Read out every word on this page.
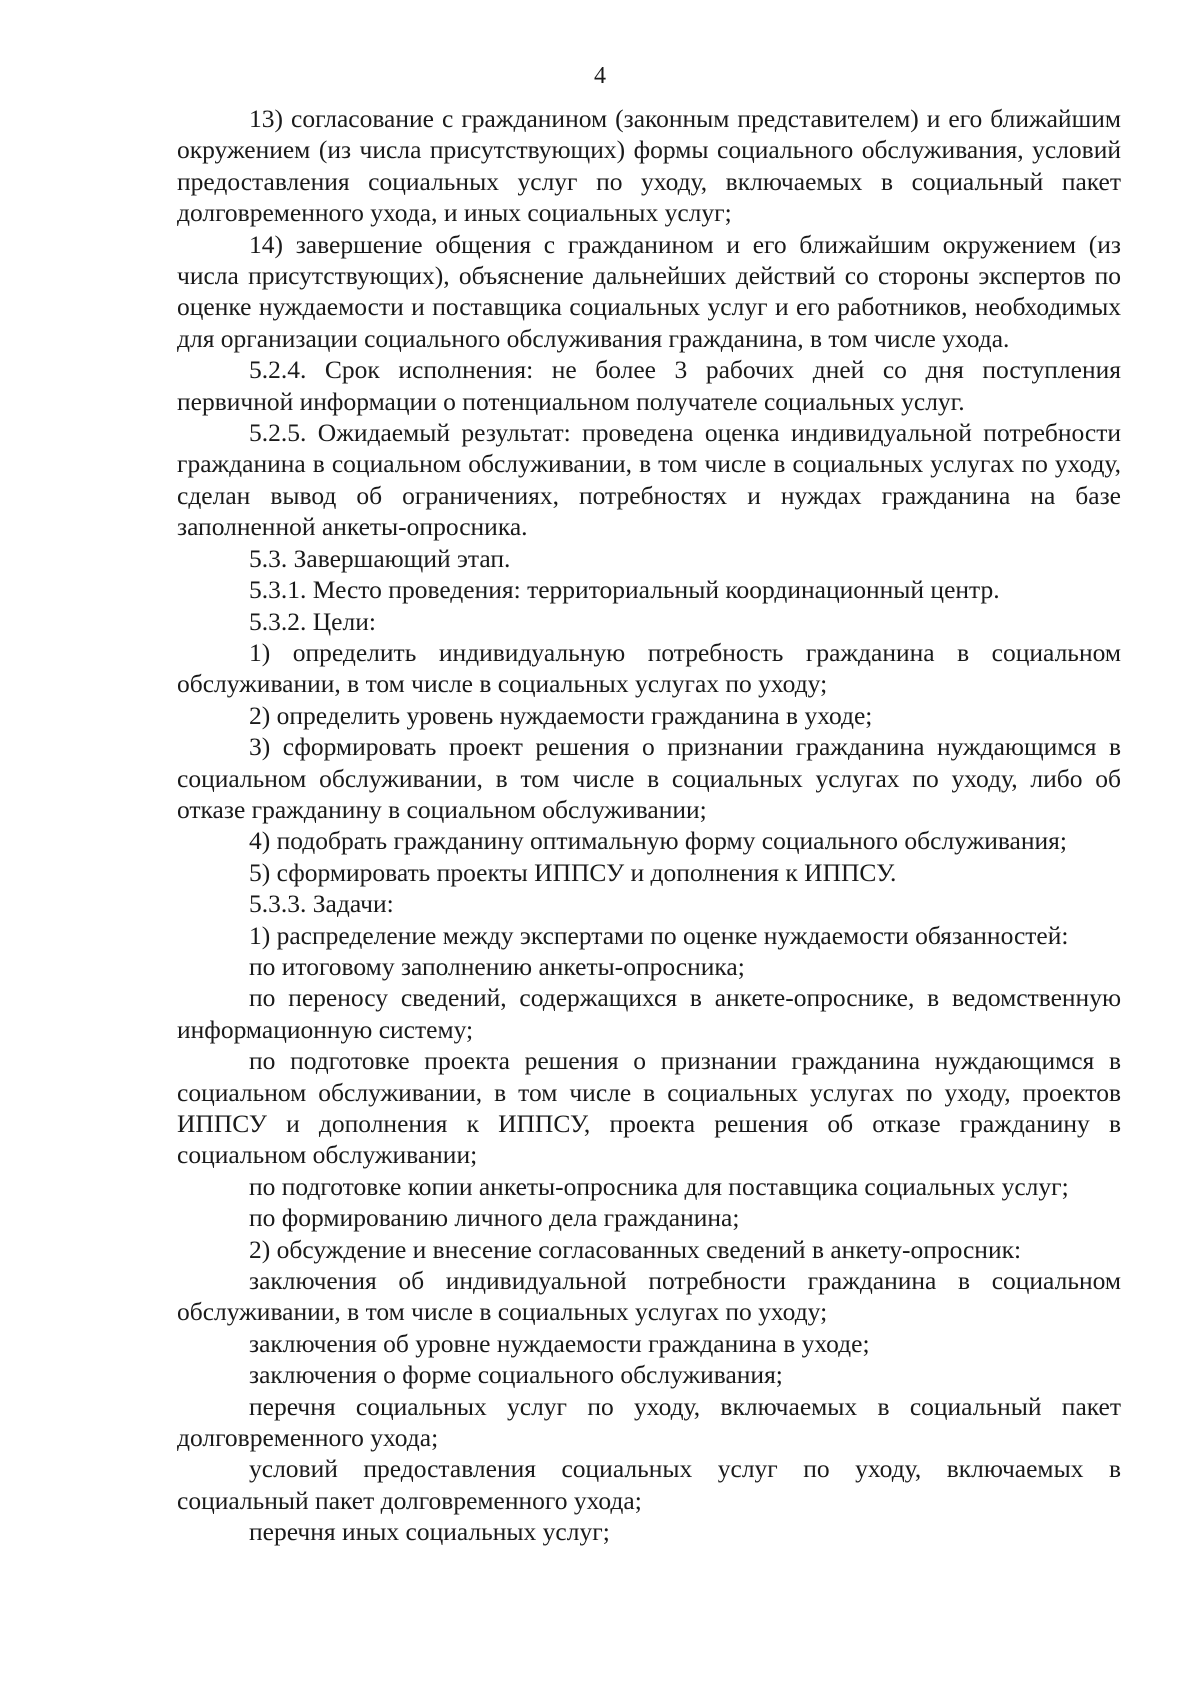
4

13) согласование с гражданином (законным представителем) и его ближайшим окружением (из числа присутствующих) формы социального обслуживания, условий предоставления социальных услуг по уходу, включаемых в социальный пакет долговременного ухода, и иных социальных услуг;

14) завершение общения с гражданином и его ближайшим окружением (из числа присутствующих), объяснение дальнейших действий со стороны экспертов по оценке нуждаемости и поставщика социальных услуг и его работников, необходимых для организации социального обслуживания гражданина, в том числе ухода.

5.2.4. Срок исполнения: не более 3 рабочих дней со дня поступления первичной информации о потенциальном получателе социальных услуг.

5.2.5. Ожидаемый результат: проведена оценка индивидуальной потребности гражданина в социальном обслуживании, в том числе в социальных услугах по уходу, сделан вывод об ограничениях, потребностях и нуждах гражданина на базе заполненной анкеты-опросника.

5.3. Завершающий этап.

5.3.1. Место проведения: территориальный координационный центр.

5.3.2. Цели:

1) определить индивидуальную потребность гражданина в социальном обслуживании, в том числе в социальных услугах по уходу;

2) определить уровень нуждаемости гражданина в уходе;

3) сформировать проект решения о признании гражданина нуждающимся в социальном обслуживании, в том числе в социальных услугах по уходу, либо об отказе гражданину в социальном обслуживании;

4) подобрать гражданину оптимальную форму социального обслуживания;

5) сформировать проекты ИППСУ и дополнения к ИППСУ.

5.3.3. Задачи:

1) распределение между экспертами по оценке нуждаемости обязанностей:

по итоговому заполнению анкеты-опросника;

по переносу сведений, содержащихся в анкете-опроснике, в ведомственную информационную систему;

по подготовке проекта решения о признании гражданина нуждающимся в социальном обслуживании, в том числе в социальных услугах по уходу, проектов ИППСУ и дополнения к ИППСУ, проекта решения об отказе гражданину в социальном обслуживании;

по подготовке копии анкеты-опросника для поставщика социальных услуг;

по формированию личного дела гражданина;

2) обсуждение и внесение согласованных сведений в анкету-опросник:

заключения об индивидуальной потребности гражданина в социальном обслуживании, в том числе в социальных услугах по уходу;

заключения об уровне нуждаемости гражданина в уходе;

заключения о форме социального обслуживания;

перечня социальных услуг по уходу, включаемых в социальный пакет долговременного ухода;

условий предоставления социальных услуг по уходу, включаемых в социальный пакет долговременного ухода;

перечня иных социальных услуг;
